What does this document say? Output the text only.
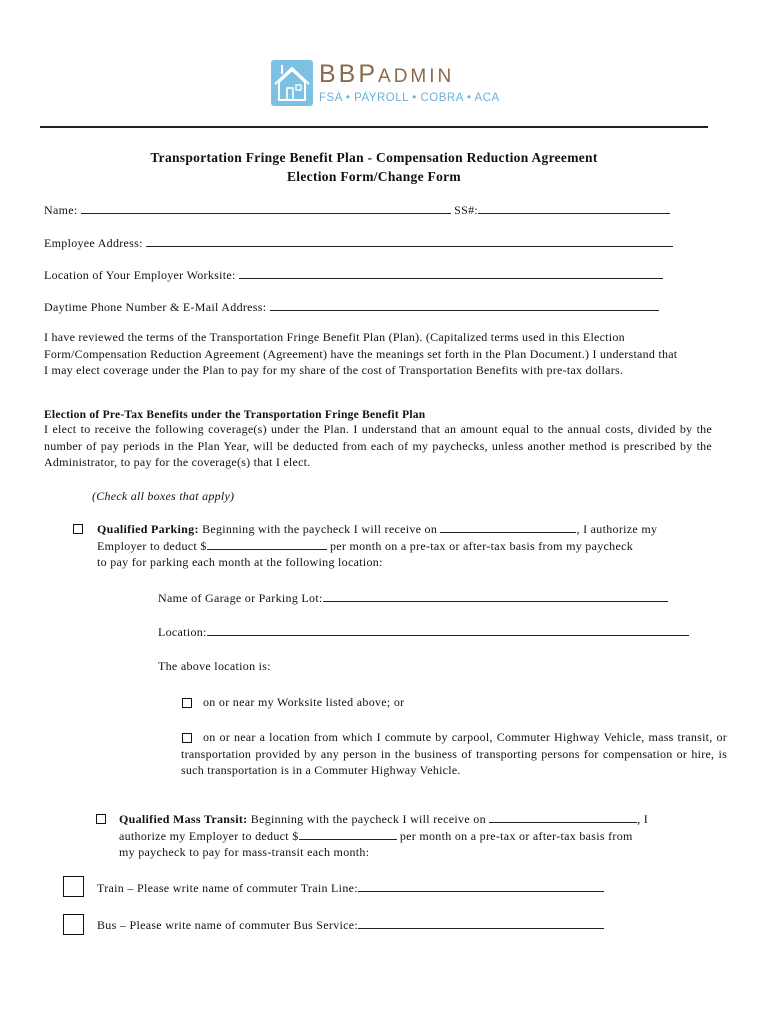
BBPADMIN
FSA • PAYROLL • COBRA • ACA
Transportation Fringe Benefit Plan - Compensation Reduction Agreement
Election Form/Change Form
Name:	SS#:
Employee Address:
Location of Your Employer Worksite:
Daytime Phone Number & E-Mail Address:
I have reviewed the terms of the Transportation Fringe Benefit Plan (Plan). (Capitalized terms used in this Election Form/Compensation Reduction Agreement (Agreement) have the meanings set forth in the Plan Document.) I understand that I may elect coverage under the Plan to pay for my share of the cost of Transportation Benefits with pre-tax dollars.
Election of Pre-Tax Benefits under the Transportation Fringe Benefit Plan
I elect to receive the following coverage(s) under the Plan. I understand that an amount equal to the annual costs, divided by the number of pay periods in the Plan Year, will be deducted from each of my paychecks, unless another method is prescribed by the Administrator, to pay for the coverage(s) that I elect.
(Check all boxes that apply)
Qualified Parking: Beginning with the paycheck I will receive on	, I authorize my
Employer to deduct $	per month on a pre-tax or after-tax basis from my paycheck
to pay for parking each month at the following location:
Name of Garage or Parking Lot:
Location:
The above location is:
on or near my Worksite listed above; or
on or near a location from which I commute by carpool, Commuter Highway Vehicle, mass transit, or transportation provided by any person in the business of transporting persons for compensation or hire, is such transportation is in a Commuter Highway Vehicle.
Qualified Mass Transit: Beginning with the paycheck I will receive on	, I
authorize my Employer to deduct $	per month on a pre-tax or after-tax basis from
my paycheck to pay for mass-transit each month:
Train – Please write name of commuter Train Line:
Bus – Please write name of commuter Bus Service:
